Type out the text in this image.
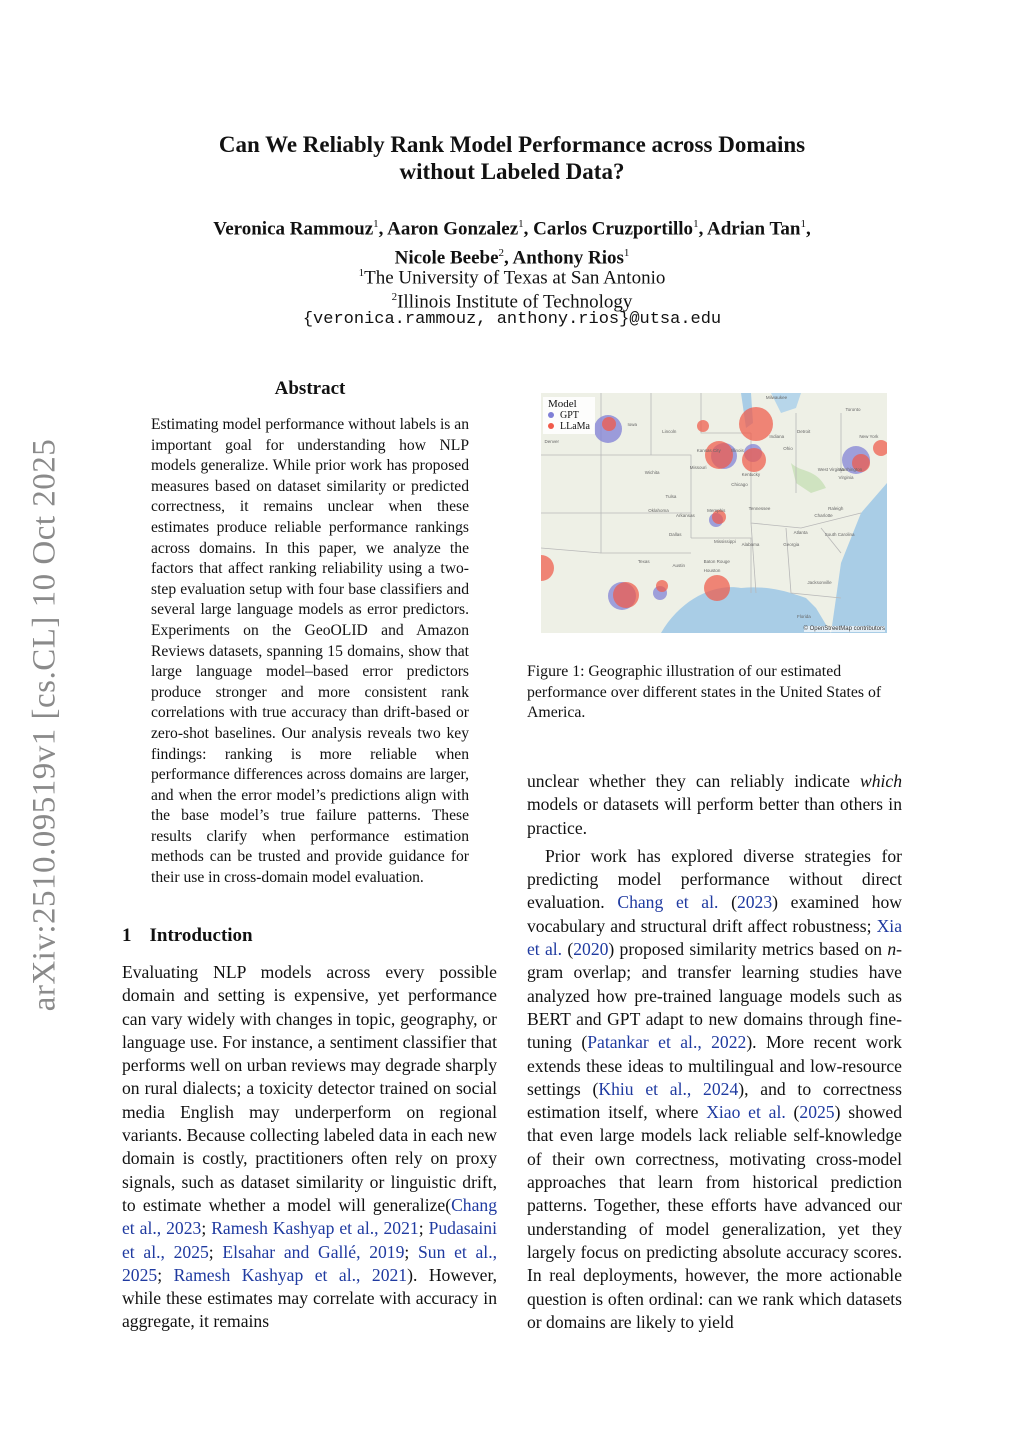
arXiv:2510.09519v1 [cs.CL] 10 Oct 2025
Can We Reliably Rank Model Performance across Domains
without Labeled Data?
Veronica Rammouz$^1$, Aaron Gonzalez$^1$, Carlos Cruzportillo$^1$, Adrian Tan$^1$,
Nicole Beebe$^2$, Anthony Rios$^1$
$^1$The University of Texas at San Antonio
$^2$Illinois Institute of Technology
{veronica.rammouz, anthony.rios}@utsa.edu
Abstract
Estimating model performance without labels is an important goal for understanding how NLP models generalize. While prior work has proposed measures based on dataset similarity or predicted correctness, it remains unclear when these estimates produce reliable performance rankings across domains. In this paper, we analyze the factors that affect ranking reliability using a two-step evaluation setup with four base classifiers and several large language models as error predictors. Experiments on the GeoOLID and Amazon Reviews datasets, spanning 15 domains, show that large language model–based error predictors produce stronger and more consistent rank correlations with true accuracy than drift-based or zero-shot baselines. Our analysis reveals two key findings: ranking is more reliable when performance differences across domains are larger, and when the error model’s predictions align with the base model’s true failure patterns. These results clarify when performance estimation methods can be trusted and provide guidance for their use in cross-domain model evaluation.
1 Introduction

Evaluating NLP models across every possible domain and setting is expensive, yet performance can vary widely with changes in topic, geography, or language use. For instance, a sentiment classifier that performs well on urban reviews may degrade sharply on rural dialects; a toxicity detector trained on social media English may underperform on regional variants. Because collecting labeled data in each new domain is costly, practitioners often rely on proxy signals, such as dataset similarity or linguistic drift, to estimate whether a model will generalize(Chang et al., 2023; Ramesh Kashyap et al., 2021; Pudasaini et al., 2025; Elsahar and Gallé, 2019; Sun et al., 2025; Ramesh Kashyap et al., 2021). However, while these estimates may correlate with accuracy in aggregate, it remains

Model
GPT
LLaMa
Milwaukee
Toronto
Chicago
Detroit
New York
Iowa
Lincoln
Denver
Kansas City
Wichita
Missouri
Illinois
Indiana
Ohio
Kentucky
West Virginia
Virginia
Washington
Tulsa
Oklahoma
Arkansas
Memphis	Tennessee
Charlotte
Raleigh
Dallas	Atlanta
Mississippi Alabama	Georgia
South Carolina
Austin
Houston
Baton Rouge
Jacksonville
Texas
Florida
© OpenStreetMap contributors
Figure 1: Geographic illustration of our estimated performance over different states in the United States of America.

unclear whether they can reliably indicate which models or datasets will perform better than others in practice.

Prior work has explored diverse strategies for predicting model performance without direct evaluation. Chang et al. (2023) examined how vocabulary and structural drift affect robustness; Xia et al. (2020) proposed similarity metrics based on n-gram overlap; and transfer learning studies have analyzed how pre-trained language models such as BERT and GPT adapt to new domains through fine-tuning (Patankar et al., 2022). More recent work extends these ideas to multilingual and low-resource settings (Khiu et al., 2024), and to correctness estimation itself, where Xiao et al. (2025) showed that even large models lack reliable self-knowledge of their own correctness, motivating cross-model approaches that learn from historical prediction patterns. Together, these efforts have advanced our understanding of model generalization, yet they largely focus on predicting absolute accuracy scores. In real deployments, however, the more actionable question is often ordinal: can we rank which datasets or domains are likely to yield
